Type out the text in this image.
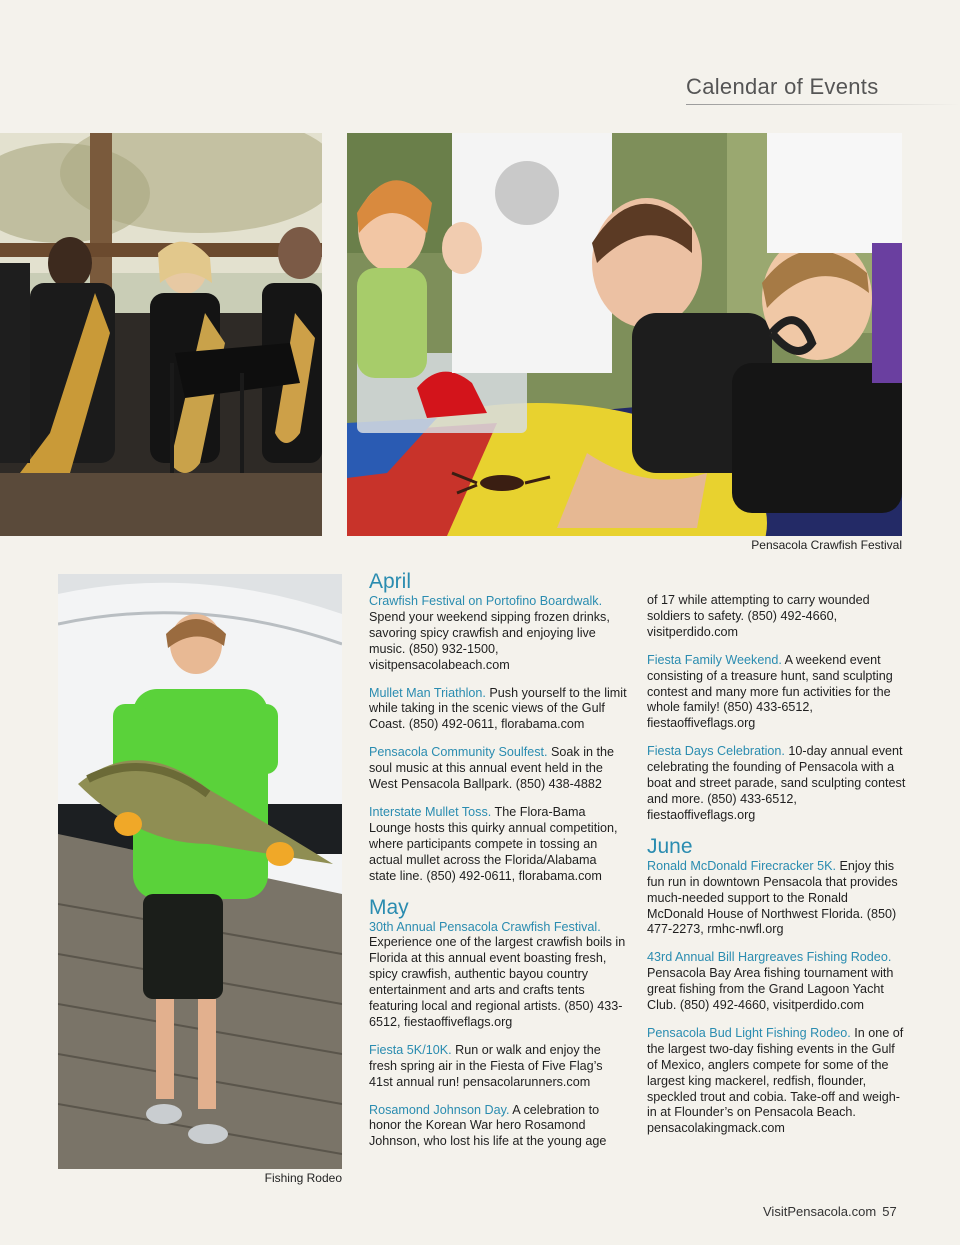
Calendar of Events
Pensacola Crawfish Festival
Fishing Rodeo
April
Crawfish Festival on Portofino Boardwalk.
Spend your weekend sipping frozen drinks, savoring spicy crawfish and enjoying live music. (850) 932-1500, visitpensacolabeach.com
Mullet Man Triathlon. Push yourself to the limit while taking in the scenic views of the Gulf Coast. (850) 492-0611, florabama.com
Pensacola Community Soulfest. Soak in the soul music at this annual event held in the West Pensacola Ballpark. (850) 438-4882
Interstate Mullet Toss. The Flora-Bama Lounge hosts this quirky annual competition, where participants compete in tossing an actual mullet across the Florida/Alabama state line. (850) 492-0611, florabama.com
May
30th Annual Pensacola Crawfish Festival.
Experience one of the largest crawfish boils in Florida at this annual event boasting fresh, spicy crawfish, authentic bayou country entertainment and arts and crafts tents featuring local and regional artists. (850) 433-6512, fiestaoffiveflags.org
Fiesta 5K/10K. Run or walk and enjoy the fresh spring air in the Fiesta of Five Flag’s 41st annual run! pensacolarunners.com
Rosamond Johnson Day. A celebration to honor the Korean War hero Rosamond Johnson, who lost his life at the young age
of 17 while attempting to carry wounded soldiers to safety. (850) 492-4660, visitperdido.com
Fiesta Family Weekend. A weekend event consisting of a treasure hunt, sand sculpting contest and many more fun activities for the whole family! (850) 433-6512, fiestaoffiveflags.org
Fiesta Days Celebration. 10-day annual event celebrating the founding of Pensacola with a boat and street parade, sand sculpting contest and more. (850) 433-6512, fiestaoffiveflags.org
June
Ronald McDonald Firecracker 5K. Enjoy this fun run in downtown Pensacola that provides much-needed support to the Ronald McDonald House of Northwest Florida. (850) 477-2273, rmhc-nwfl.org
43rd Annual Bill Hargreaves Fishing Rodeo. Pensacola Bay Area fishing tournament with great fishing from the Grand Lagoon Yacht Club. (850) 492-4660, visitperdido.com
Pensacola Bud Light Fishing Rodeo. In one of the largest two-day fishing events in the Gulf of Mexico, anglers compete for some of the largest king mackerel, redfish, flounder, speckled trout and cobia. Take-off and weigh-in at Flounder’s on Pensacola Beach. pensacolakingmack.com
VisitPensacola.com 57
